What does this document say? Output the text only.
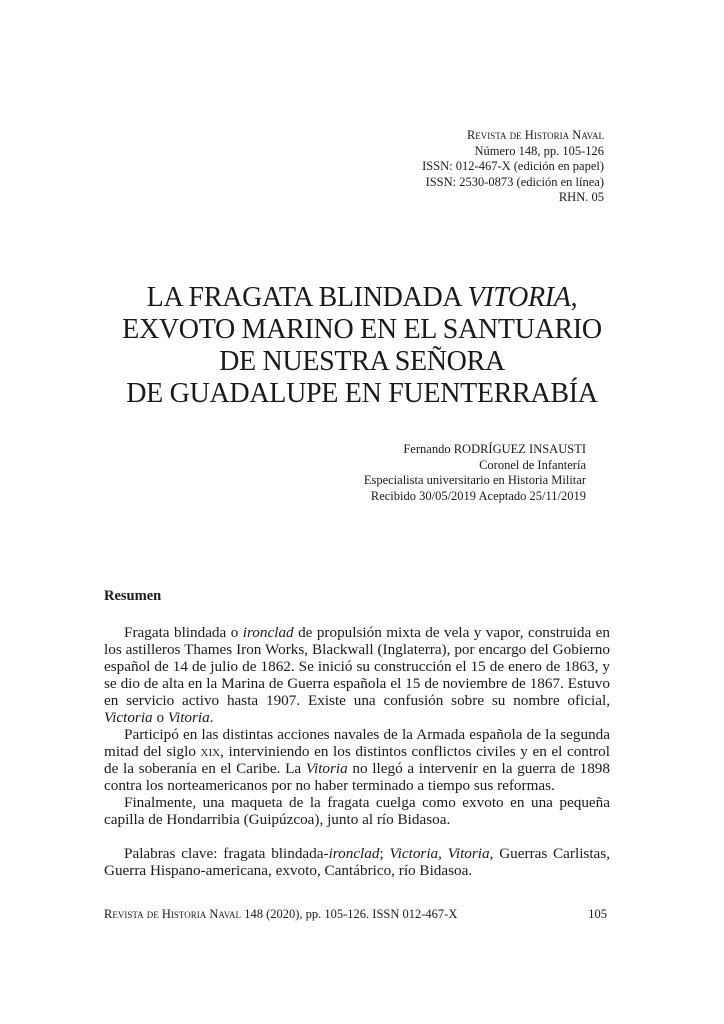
Revista de Historia Naval
Número 148, pp. 105-126
ISSN: 012-467-X (edición en papel)
ISSN: 2530-0873 (edición en línea)
RHN. 05
LA FRAGATA BLINDADA VITORIA,
EXVOTO MARINO EN EL SANTUARIO
DE NUESTRA SEÑORA
DE GUADALUPE EN FUENTERRABÍA
Fernando RODRÍGUEZ INSAUSTI
Coronel de Infantería
Especialista universitario en Historia Militar
Recibido 30/05/2019 Aceptado 25/11/2019
Resumen

Fragata blindada o ironclad de propulsión mixta de vela y vapor, construida en los astilleros Thames Iron Works, Blackwall (Inglaterra), por encargo del Gobierno español de 14 de julio de 1862. Se inició su construcción el 15 de enero de 1863, y se dio de alta en la Marina de Guerra española el 15 de noviembre de 1867. Estuvo en servicio activo hasta 1907. Existe una confusión sobre su nombre oficial, Victoria o Vitoria.

Participó en las distintas acciones navales de la Armada española de la segunda mitad del siglo xix, interviniendo en los distintos conflictos civiles y en el control de la soberanía en el Caribe. La Vitoria no llegó a intervenir en la guerra de 1898 contra los norteamericanos por no haber terminado a tiempo sus reformas.

Finalmente, una maqueta de la fragata cuelga como exvoto en una pequeña capilla de Hondarribia (Guipúzcoa), junto al río Bidasoa.

Palabras clave: fragata blindada-ironclad; Victoria, Vitoria, Guerras Carlistas, Guerra Hispano-americana, exvoto, Cantábrico, río Bidasoa.

Revista de Historia Naval 148 (2020), pp. 105-126. ISSN 012-467-X	105
